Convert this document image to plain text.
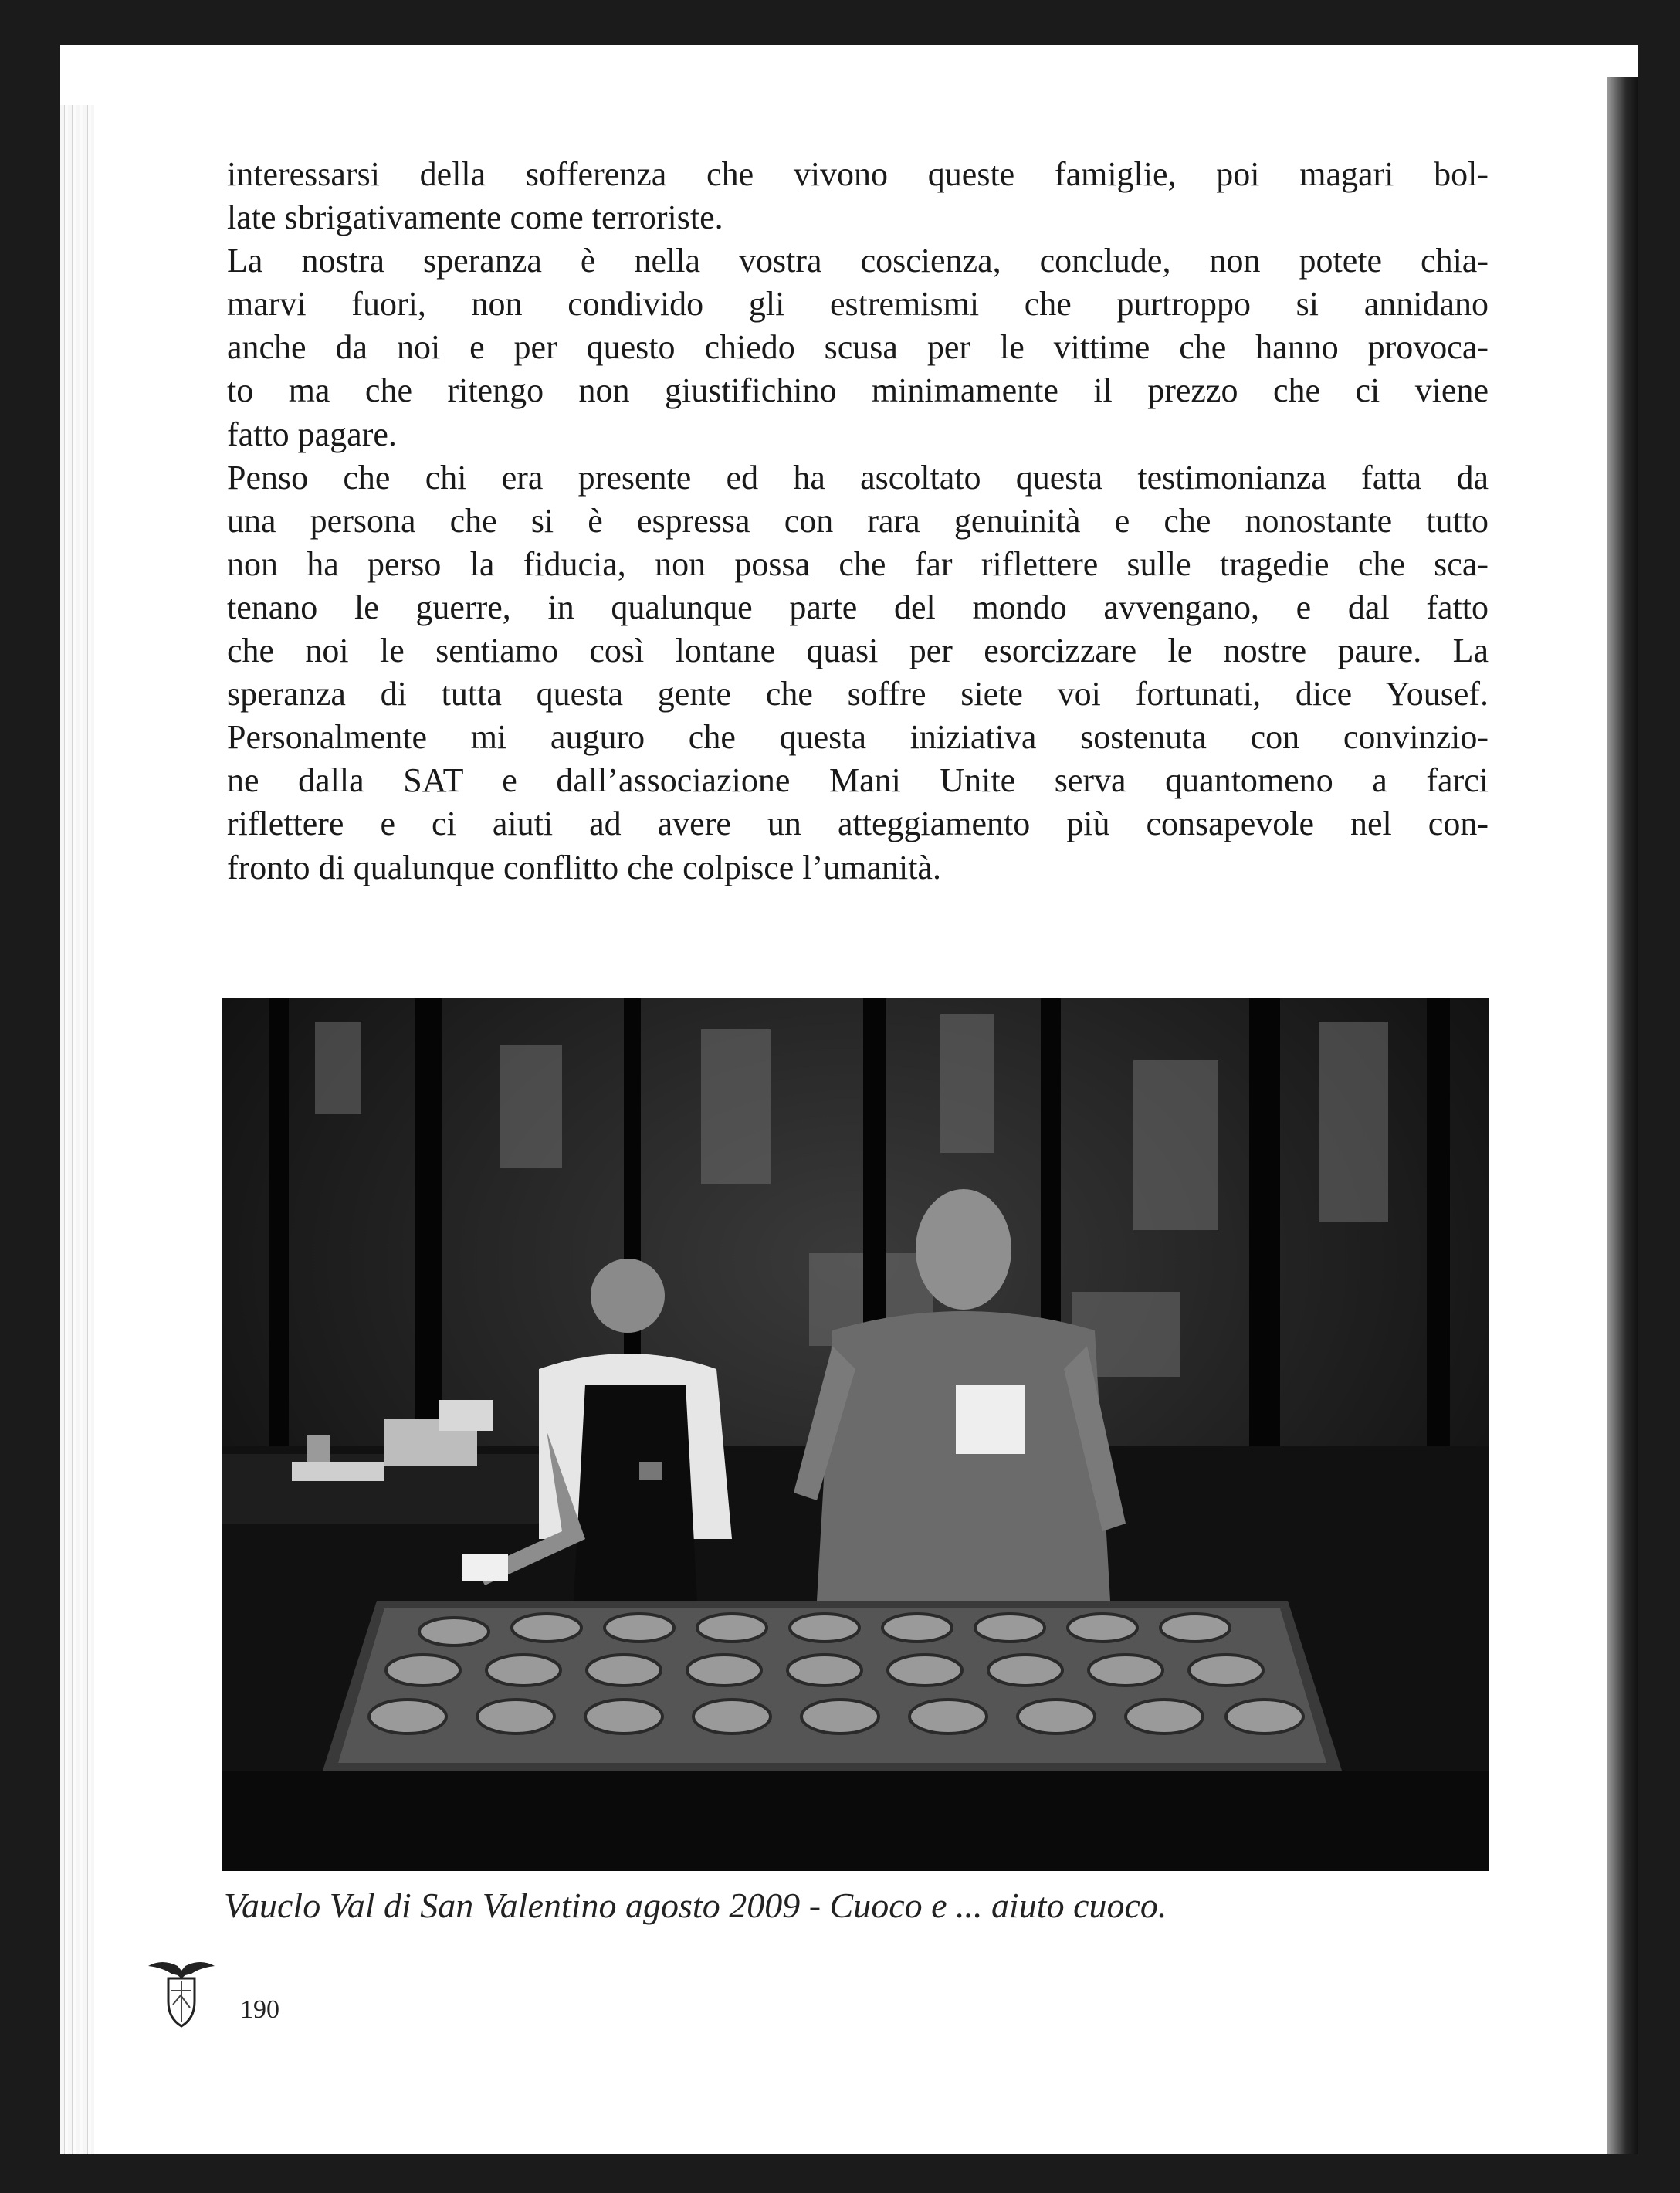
interessarsi della sofferenza che vivono queste famiglie, poi magari bol-
late sbrigativamente come terroriste.
La nostra speranza è nella vostra coscienza, conclude, non potete chia-
marvi fuori, non condivido gli estremismi che purtroppo si annidano
anche da noi e per questo chiedo scusa per le vittime che hanno provoca-
to ma che ritengo non giustifichino minimamente il prezzo che ci viene
fatto pagare.
Penso che chi era presente ed ha ascoltato questa testimonianza fatta da
una persona che si è espressa con rara genuinità e che nonostante tutto
non ha perso la fiducia, non possa che far riflettere sulle tragedie che sca-
tenano le guerre, in qualunque parte del mondo avvengano, e dal fatto
che noi le sentiamo così lontane quasi per esorcizzare le nostre paure. La
speranza di tutta questa gente che soffre siete voi fortunati, dice Yousef.
Personalmente mi auguro che questa iniziativa sostenuta con convinzio-
ne dalla SAT e dall’associazione Mani Unite serva quantomeno a farci
riflettere e ci aiuti ad avere un atteggiamento più consapevole nel con-
fronto di qualunque conflitto che colpisce l’umanità.

Vauclo Val di San Valentino agosto 2009 - Cuoco e ... aiuto cuoco.

190
